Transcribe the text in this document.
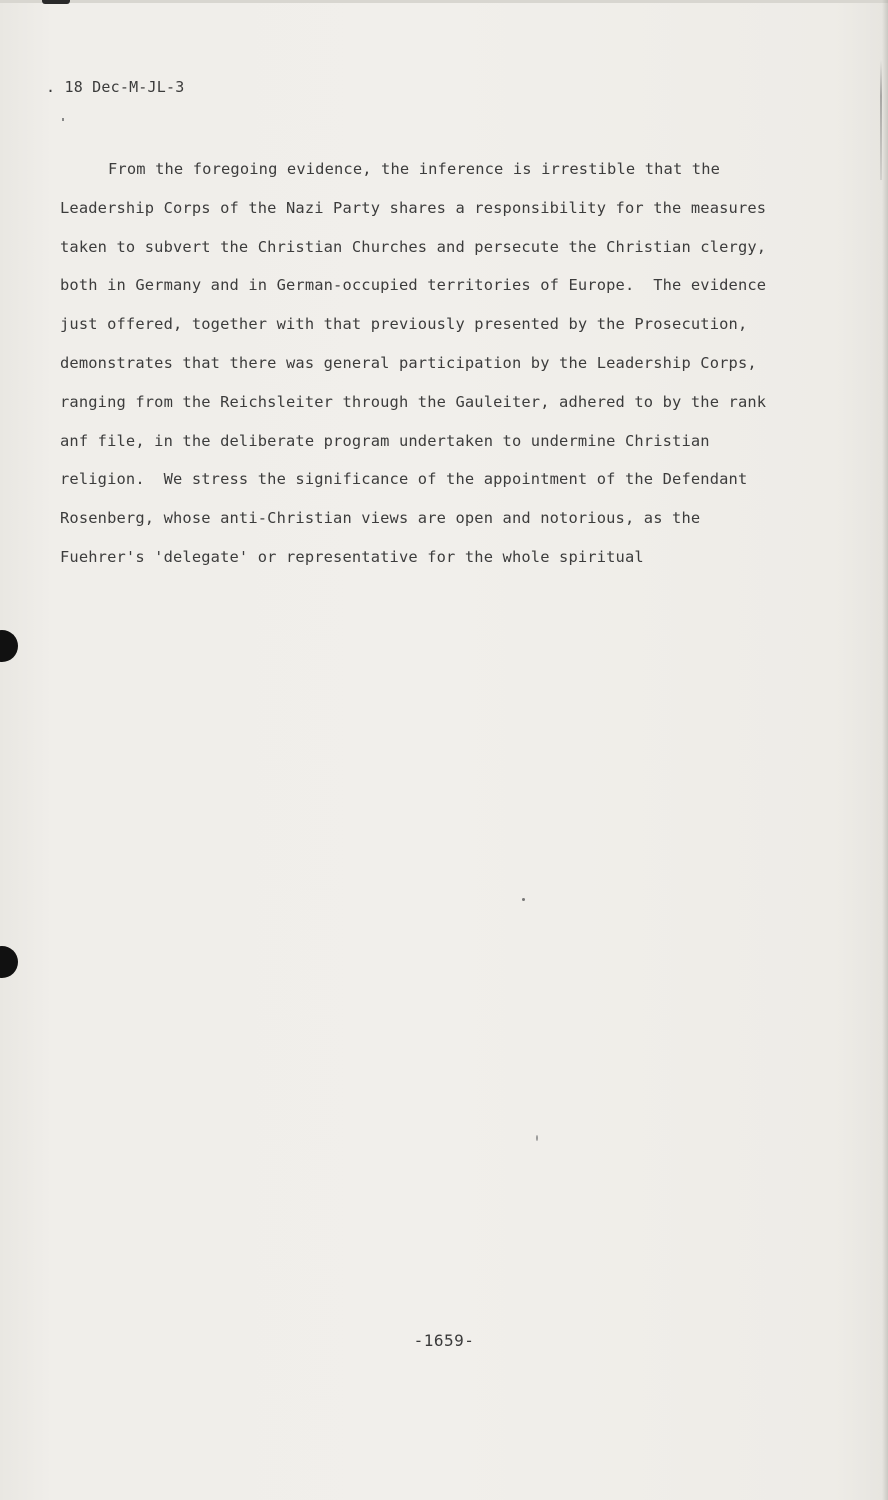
. 18 Dec-M-JL-3
From the foregoing evidence, the inference is irrestible that the
Leadership Corps of the Nazi Party shares a responsibility for the measures
taken to subvert the Christian Churches and persecute the Christian clergy,
both in Germany and in German-occupied territories of Europe.  The evidence
just offered, together with that previously presented by the Prosecution,
demonstrates that there was general participation by the Leadership Corps,
ranging from the Reichsleiter through the Gauleiter, adhered to by the rank
anf file, in the deliberate program undertaken to undermine Christian
religion.  We stress the significance of the appointment of the Defendant
Rosenberg, whose anti-Christian views are open and notorious, as the
Fuehrer's 'delegate' or representative for the whole spiritual
-1659-
